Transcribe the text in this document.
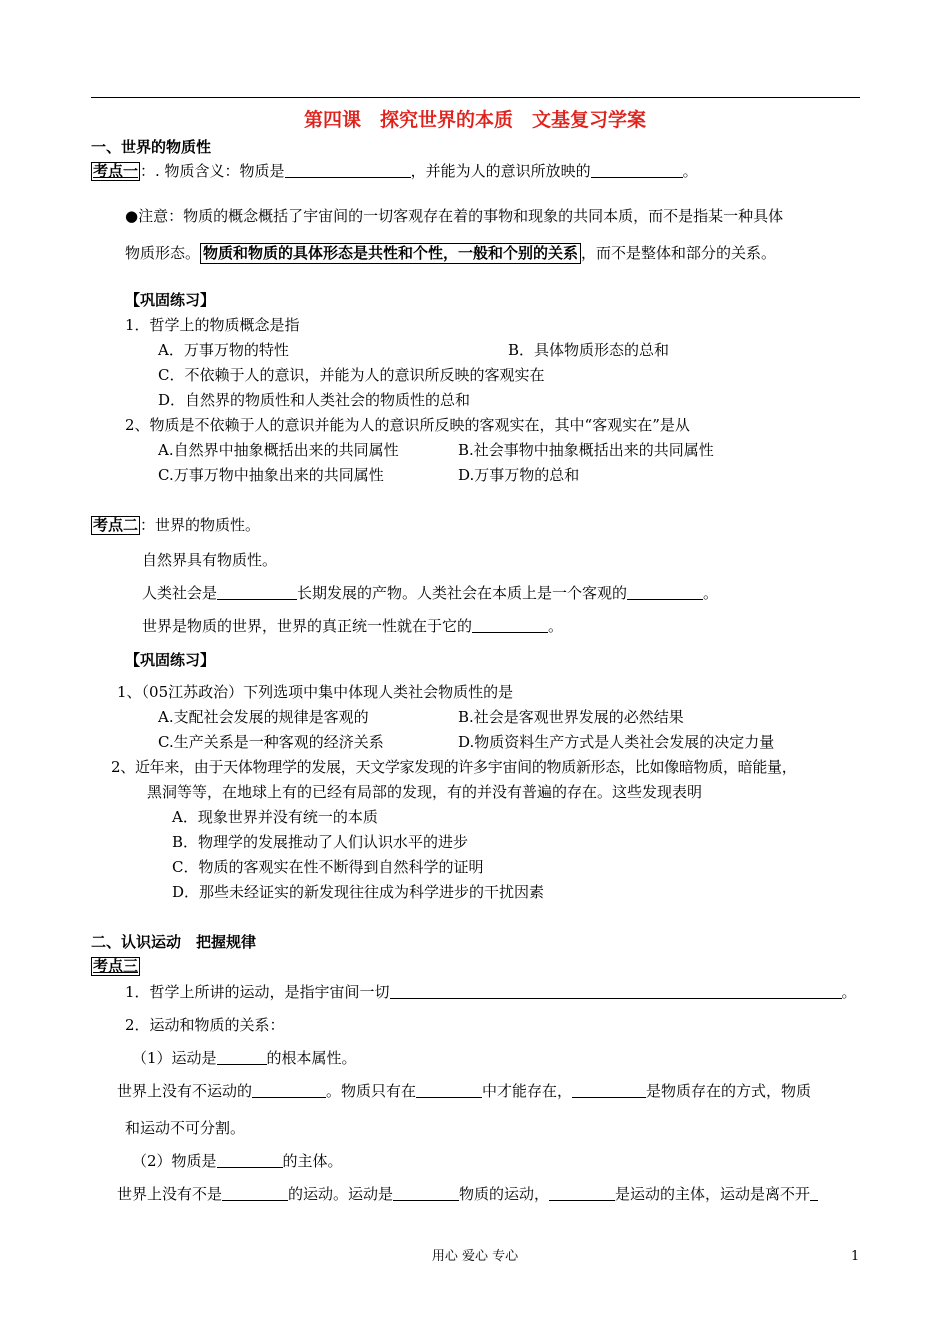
第四课　探究世界的本质　文基复习学案
一、世界的物质性
考点一 ：. 物质含义：物质是	，并能为人的意识所放映的	。
●注意：物质的概念概括了宇宙间的一切客观存在着的事物和现象的共同本质，而不是指某一种具体
物质形态。 物质和物质的具体形态是共性和个性，一般和个别的关系 ，而不是整体和部分的关系。
【巩固练习】
1．哲学上的物质概念是指
A．万事万物的特性	B．具体物质形态的总和
C．不依赖于人的意识，并能为人的意识所反映的客观实在
D．自然界的物质性和人类社会的物质性的总和
2、物质是不依赖于人的意识并能为人的意识所反映的客观实在，其中“客观实在”是从
A.自然界中抽象概括出来的共同属性	B.社会事物中抽象概括出来的共同属性
C.万事万物中抽象出来的共同属性	D.万事万物的总和
考点二 ：世界的物质性。
自然界具有物质性。
人类社会是	长期发展的产物。人类社会在本质上是一个客观的	。
世界是物质的世界，世界的真正统一性就在于它的	。
【巩固练习】
1、（05江苏政治）下列选项中集中体现人类社会物质性的是
A.支配社会发展的规律是客观的	B.社会是客观世界发展的必然结果
C.生产关系是一种客观的经济关系	D.物质资料生产方式是人类社会发展的决定力量
2、近年来，由于天体物理学的发展，天文学家发现的许多宇宙间的物质新形态，比如像暗物质，暗能量，
黑洞等等，在地球上有的已经有局部的发现，有的并没有普遍的存在。这些发现表明
A．现象世界并没有统一的本质
B．物理学的发展推动了人们认识水平的进步
C．物质的客观实在性不断得到自然科学的证明
D．那些未经证实的新发现往往成为科学进步的干扰因素
二、认识运动　把握规律
考点三
1．哲学上所讲的运动，是指宇宙间一切	。
2．运动和物质的关系：
（1）运动是	的根本属性。
世界上没有不运动的	。物质只有在	中才能存在，	是物质存在的方式，物质
和运动不可分割。
（2）物质是	的主体。
世界上没有不是	的运动。运动是	物质的运动，	是运动的主体，运动是离不开
用心 爱心 专心	1
